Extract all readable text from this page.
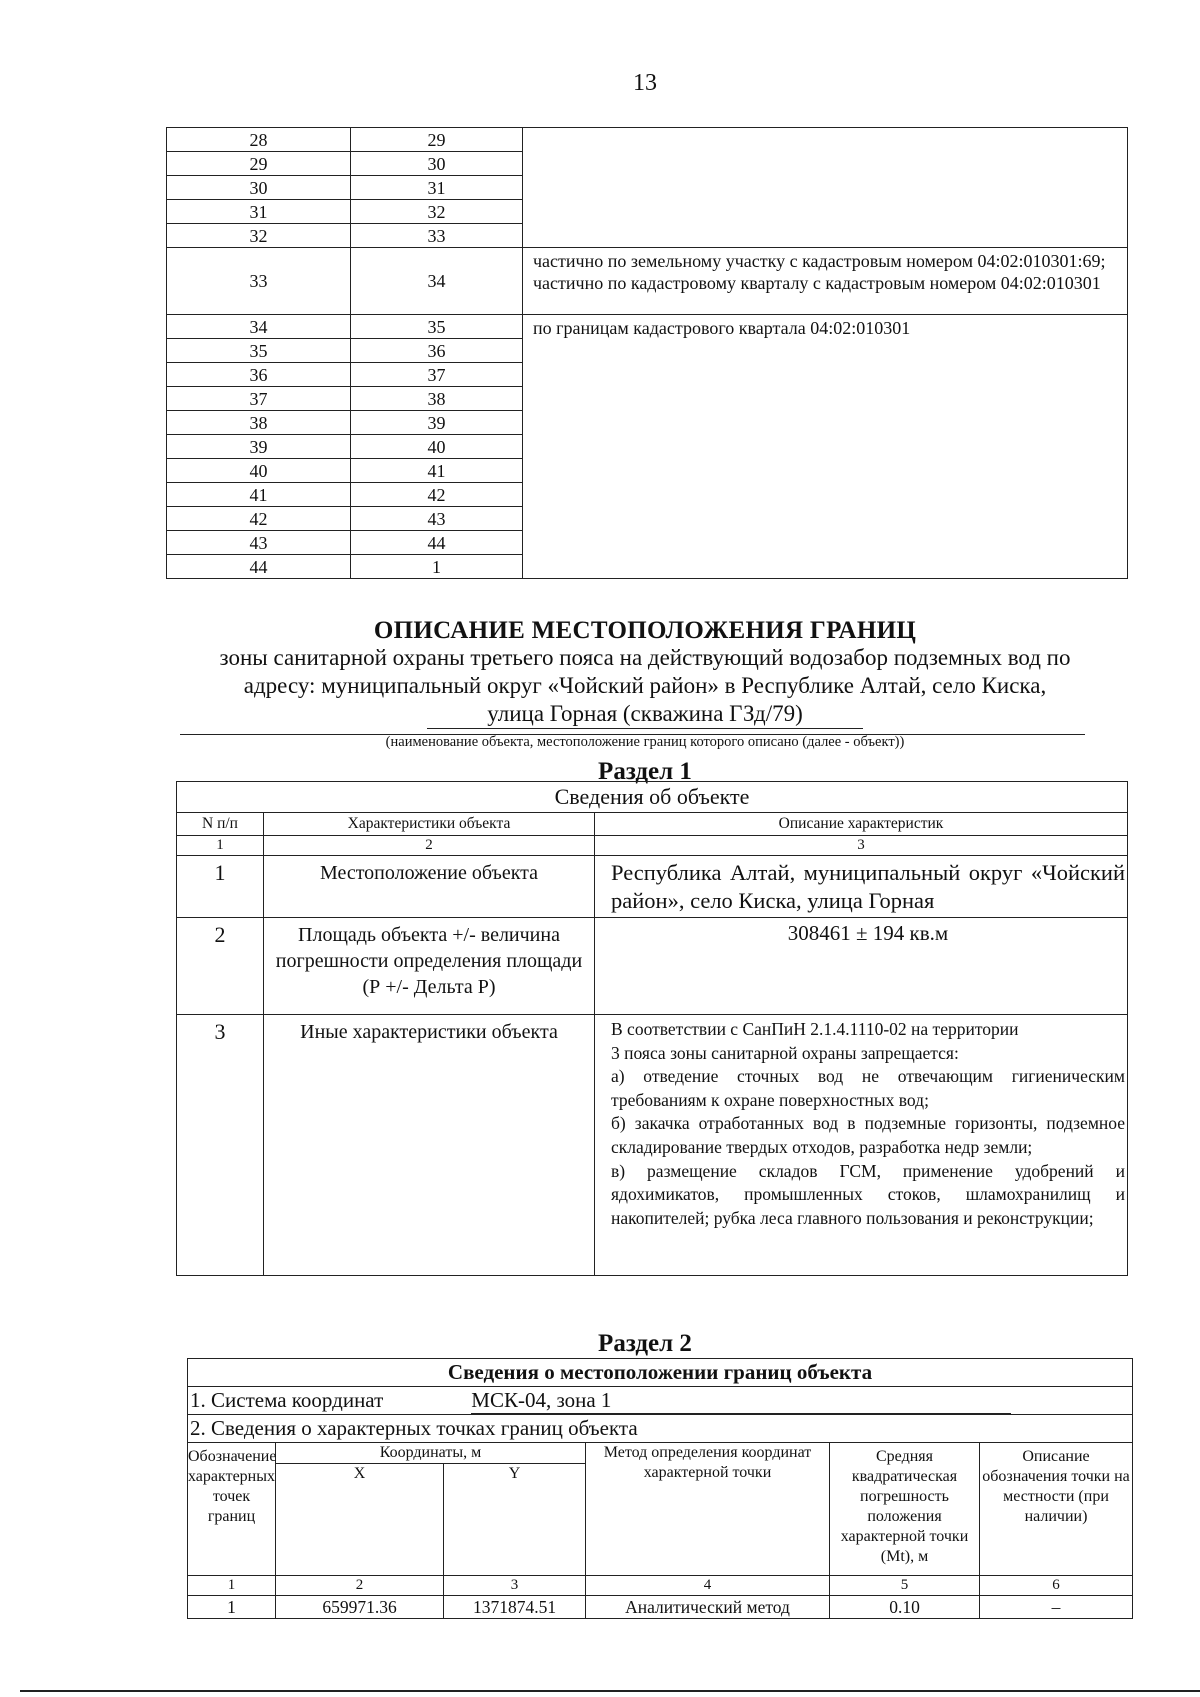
13
28	29	
29	30	
30	31	
31	32	
32	33	
33	34	частично по земельному участку с кадастровым номером 04:02:010301:69; частично по кадастровому кварталу с кадастровым номером 04:02:010301
34	35	по границам кадастрового квартала 04:02:010301
35	36	
36	37	
37	38	
38	39	
39	40	
40	41	
41	42	
42	43	
43	44	
44	1	
ОПИСАНИЕ МЕСТОПОЛОЖЕНИЯ ГРАНИЦ
зоны санитарной охраны третьего пояса на действующий водозабор подземных вод по
адресу: муниципальный округ «Чойский район» в Республике Алтай, село Киска,
улица Горная (скважина ГЗд/79)
(наименование объекта, местоположение границ которого описано (далее - объект))
Раздел 1
Сведения об объекте		
N п/п	Характеристики объекта	Описание характеристик
1	2	3
1	Местоположение объекта	Республика Алтай, муниципальный округ «Чойский район», село Киска, улица Горная
2	Площадь объекта +/- величина погрешности определения площади (Р +/- Дельта Р)	308461 ± 194 кв.м
3	Иные характеристики объекта	В соответствии с СанПиН 2.1.4.1110-02 на территории
3 пояса зоны санитарной охраны запрещается:
а) отведение сточных вод не отвечающим гигиеническим требованиям к охране поверхностных вод;
б) закачка отработанных вод в подземные горизонты, подземное складирование твердых отходов, разработка недр земли;
в) размещение складов ГСМ, применение удобрений и ядохимикатов, промышленных стоков, шламохранилищ и накопителей; рубка леса главного пользования и реконструкции;
Раздел 2
Сведения о местоположении границ объекта					
1. Система координат МСК-04, зона 1					
2. Сведения о характерных точках границ объекта					
Обозначение характерных точек границ	Координаты, м		Метод определения координат характерной точки	Средняя квадратическая погрешность положения характерной точки (Mt), м	Описание обозначения точки на местности (при наличии)
	X	Y			
1	2	3	4	5	6
1	659971.36	1371874.51	Аналитический метод	0.10	–
